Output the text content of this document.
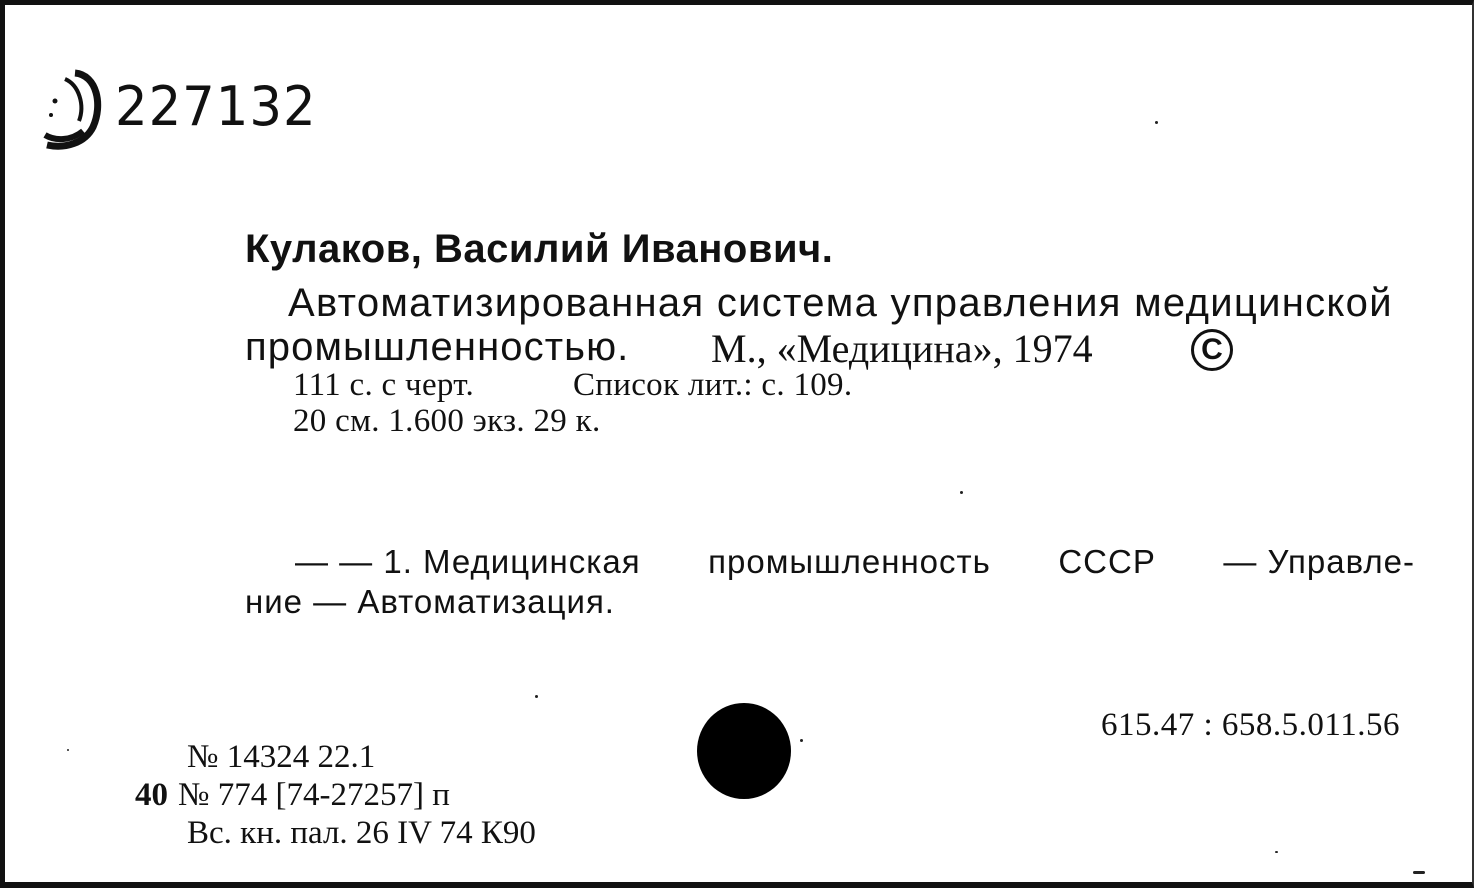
227132
Кулаков, Василий Иванович.
Автоматизированная система управления медицинской
промышленностью. М., «Медицина», 1974	С
111 с. с черт.	Список лит.: с. 109.
20 см. 1.600 экз. 29 к.
— — 1. Медицинская промышленность СССР — Управле-
ние — Автоматизация.
№ 14324 22.1
40 № 774 [74-27257] п
Вс. кн. пал. 26 IV 74 К90
615.47 : 658.5.011.56
